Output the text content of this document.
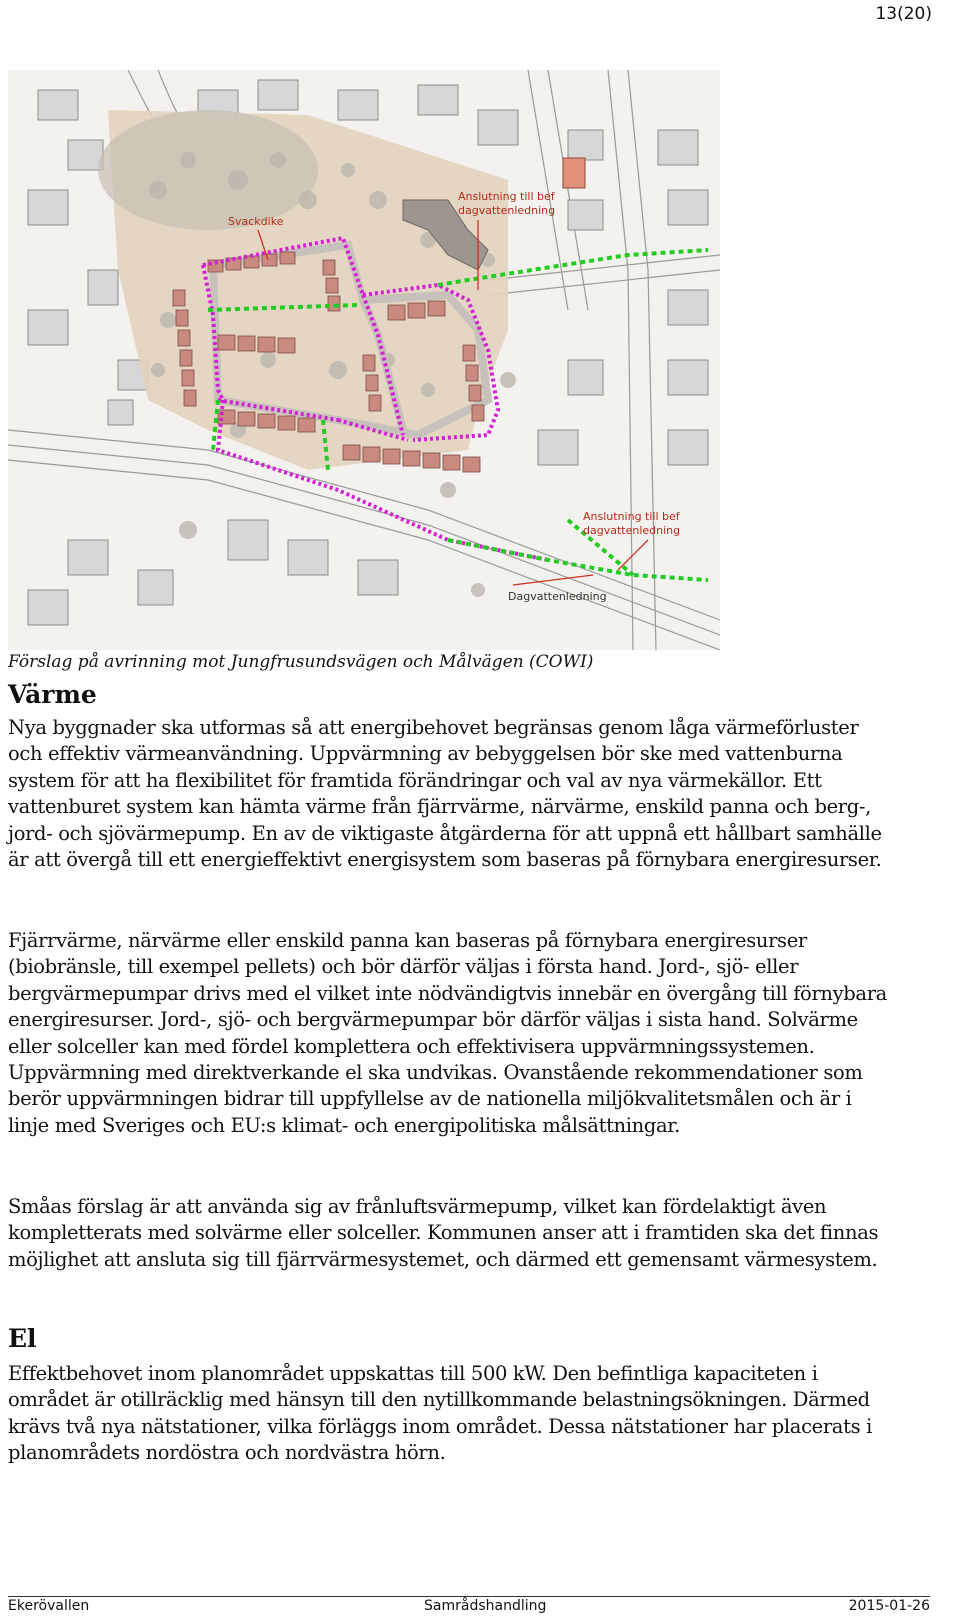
13(20)
Svackdike
Anslutning till bef
dagvattenledning
Anslutning till bef
dagvattenledning
Dagvattenledning
Förslag på avrinning mot Jungfrusundsvägen och Målvägen (COWI)
Värme

Nya byggnader ska utformas så att energibehovet begränsas genom låga värmeförluster och effektiv värmeanvändning. Uppvärmning av bebyggelsen bör ske med vattenburna system för att ha flexibilitet för framtida förändringar och val av nya värmekällor. Ett vattenburet system kan hämta värme från fjärrvärme, närvärme, enskild panna och berg-, jord- och sjövärmepump. En av de viktigaste åtgärderna för att uppnå ett hållbart samhälle är att övergå till ett energieffektivt energisystem som baseras på förnybara energiresurser.

Fjärrvärme, närvärme eller enskild panna kan baseras på förnybara energiresurser (biobränsle, till exempel pellets) och bör därför väljas i första hand. Jord-, sjö- eller bergvärmepumpar drivs med el vilket inte nödvändigtvis innebär en övergång till förnybara energiresurser. Jord-, sjö- och bergvärmepumpar bör därför väljas i sista hand. Solvärme eller solceller kan med fördel komplettera och effektivisera uppvärmningssystemen. Uppvärmning med direktverkande el ska undvikas. Ovanstående rekommendationer som berör uppvärmningen bidrar till uppfyllelse av de nationella miljökvalitetsmålen och är i linje med Sveriges och EU:s klimat- och energipolitiska målsättningar.

Småas förslag är att använda sig av frånluftsvärmepump, vilket kan fördelaktigt även kompletterats med solvärme eller solceller. Kommunen anser att i framtiden ska det finnas möjlighet att ansluta sig till fjärrvärmesystemet, och därmed ett gemensamt värmesystem.

El

Effektbehovet inom planområdet uppskattas till 500 kW. Den befintliga kapaciteten i området är otillräcklig med hänsyn till den nytillkommande belastningsökningen. Därmed krävs två nya nätstationer, vilka förläggs inom området. Dessa nätstationer har placerats i planområdets nordöstra och nordvästra hörn.

Ekerövallen	Samrådshandling	2015-01-26
